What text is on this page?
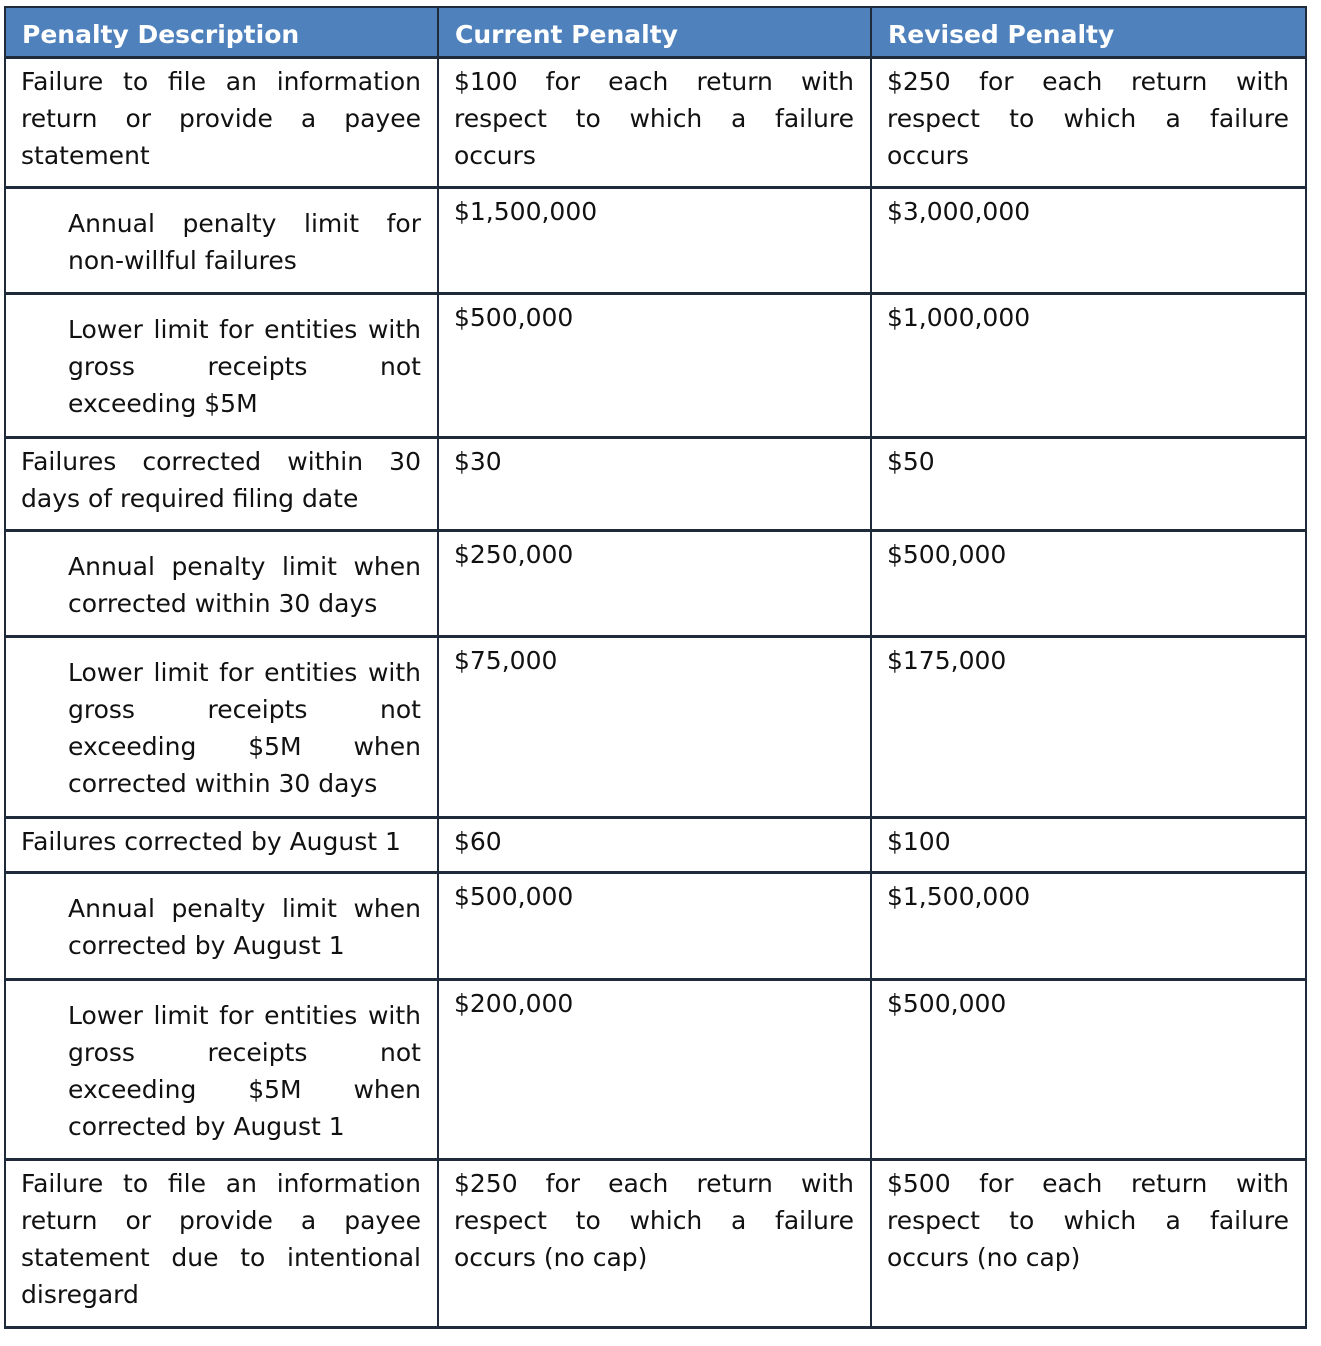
Penalty Description	Current Penalty	Revised Penalty
Failure to file an information return or provide a payee statement	$100 for each return with respect to which a failure occurs	$250 for each return with respect to which a failure occurs
Annual penalty limit for non-willful failures	$1,500,000	$3,000,000
Lower limit for entities with gross receipts not exceeding $5M	$500,000	$1,000,000
Failures corrected within 30 days of required filing date	$30	$50
Annual penalty limit when corrected within 30 days	$250,000	$500,000
Lower limit for entities with gross receipts not exceeding $5M when corrected within 30 days	$75,000	$175,000
Failures corrected by August 1	$60	$100
Annual penalty limit when corrected by August 1	$500,000	$1,500,000
Lower limit for entities with gross receipts not exceeding $5M when corrected by August 1	$200,000	$500,000
Failure to file an information return or provide a payee statement due to intentional disregard	$250 for each return with respect to which a failure occurs (no cap)	$500 for each return with respect to which a failure occurs (no cap)
